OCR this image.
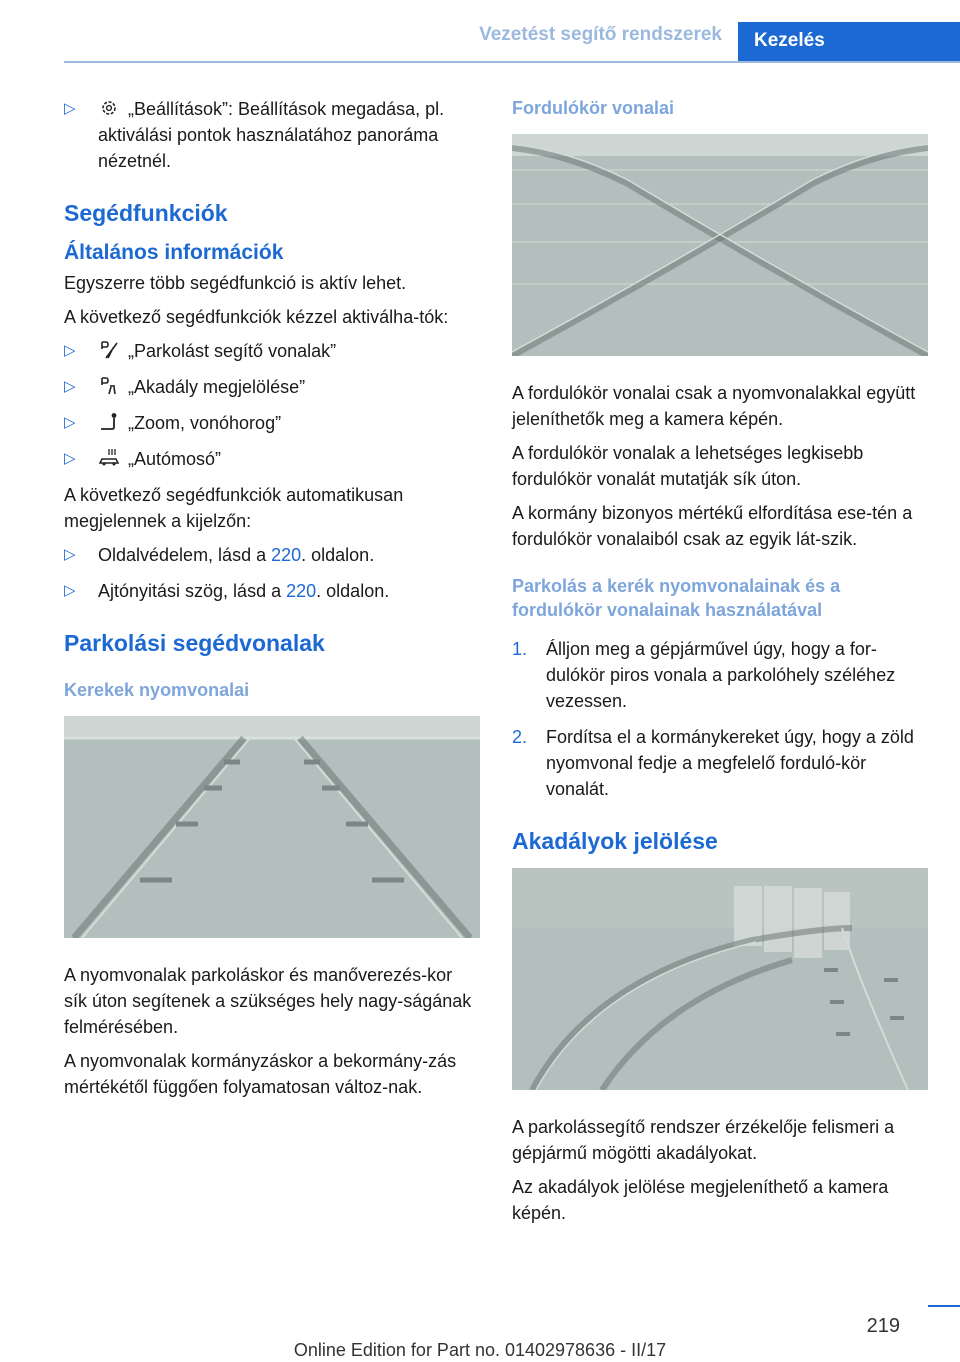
Vezetést segítő rendszerek	Kezelés
▷	„Beállítások”: Beállítások megadása, pl. aktiválási pontok használatához panoráma nézetnél.
Segédfunkciók
Általános információk

Egyszerre több segédfunkció is aktív lehet.

A következő segédfunkciók kézzel aktiválha-tók:

▷	„Parkolást segítő vonalak”
▷	„Akadály megjelölése”
▷	„Zoom, vonóhorog”
▷	„Autómosó”

A következő segédfunkciók automatikusan megjelennek a kijelzőn:

▷ Oldalvédelem, lásd a 220. oldalon.
▷ Ajtónyitási szög, lásd a 220. oldalon.
Parkolási segédvonalak
Kerekek nyomvonalai

A nyomvonalak parkoláskor és manőverezés-kor sík úton segítenek a szükséges hely nagy-ságának felmérésében.

A nyomvonalak kormányzáskor a bekormány-zás mértékétől függően folyamatosan változ-nak.

Fordulókör vonalai

A fordulókör vonalai csak a nyomvonalakkal együtt jeleníthetők meg a kamera képén.

A fordulókör vonalak a lehetséges legkisebb fordulókör vonalát mutatják sík úton.

A kormány bizonyos mértékű elfordítása ese-tén a fordulókör vonalaiból csak az egyik lát-szik.

Parkolás a kerék nyomvonalainak és a fordulókör vonalainak használatával
1. Álljon meg a gépjárművel úgy, hogy a for-dulókör piros vonala a parkolóhely széléhez vezessen.
2. Fordítsa el a kormánykereket úgy, hogy a zöld nyomvonal fedje a megfelelő forduló-kör vonalát.
Akadályok jelölése

A parkolássegítő rendszer érzékelője felismeri a gépjármű mögötti akadályokat.

Az akadályok jelölése megjeleníthető a kamera képén.

219
Online Edition for Part no. 01402978636 - II/17
